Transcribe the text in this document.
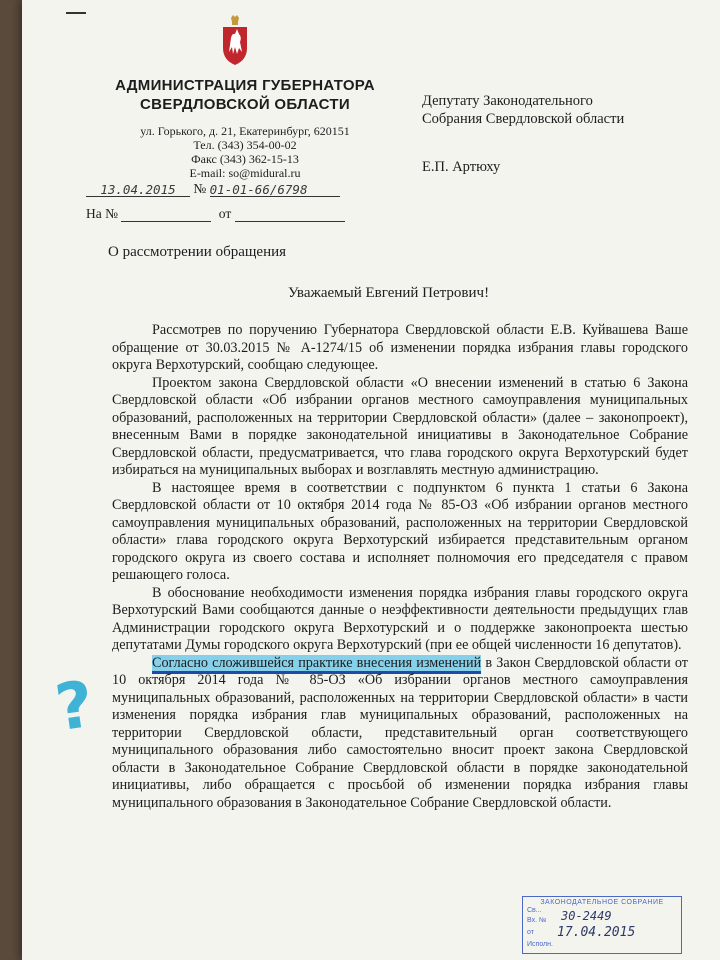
АДМИНИСТРАЦИЯ ГУБЕРНАТОРА
СВЕРДЛОВСКОЙ ОБЛАСТИ
ул. Горького, д. 21, Екатеринбург, 620151
Тел. (343) 354-00-02
Факс (343) 362-15-13
E-mail: so@midural.ru
Депутату Законодательного
Собрания Свердловской области
Е.П. Артюху
13.04.2015 № 01-01-66/6798
На №	от
О рассмотрении обращения
Уважаемый Евгений Петрович!

Рассмотрев по поручению Губернатора Свердловской области Е.В. Куйвашева Ваше обращение от 30.03.2015 № А-1274/15 об изменении порядка избрания главы городского округа Верхотурский, сообщаю следующее.

Проектом закона Свердловской области «О внесении изменений в статью 6 Закона Свердловской области «Об избрании органов местного самоуправления муниципальных образований, расположенных на территории Свердловской области» (далее – законопроект), внесенным Вами в порядке законодательной инициативы в Законодательное Собрание Свердловской области, предусматривается, что глава городского округа Верхотурский будет избираться на муниципальных выборах и возглавлять местную администрацию.

В настоящее время в соответствии с подпунктом 6 пункта 1 статьи 6 Закона Свердловской области от 10 октября 2014 года № 85-ОЗ «Об избрании органов местного самоуправления муниципальных образований, расположенных на территории Свердловской области» глава городского округа Верхотурский избирается представительным органом городского округа из своего состава и исполняет полномочия его председателя с правом решающего голоса.

В обоснование необходимости изменения порядка избрания главы городского округа Верхотурский Вами сообщаются данные о неэффективности деятельности предыдущих глав Администрации городского округа Верхотурский и о поддержке законопроекта шестью депутатами Думы городского округа Верхотурский (при ее общей численности 16 депутатов).

Согласно сложившейся практике внесения изменений в Закон Свердловской области от 10 октября 2014 года № 85-ОЗ «Об избрании органов местного самоуправления муниципальных образований, расположенных на территории Свердловской области» в части изменения порядка избрания глав муниципальных образований, расположенных на территории Свердловской области, представительный орган соответствующего муниципального образования либо самостоятельно вносит проект закона Свердловской области в Законодательное Собрание Свердловской области в порядке законодательной инициативы, либо обращается с просьбой об изменении порядка избрания главы муниципального образования в Законодательное Собрание Свердловской области.

?
ЗАКОНОДАТЕЛЬНОЕ СОБРАНИЕ
Св...
Вх. № 30-2449
от 17.04.2015
Исполн.
